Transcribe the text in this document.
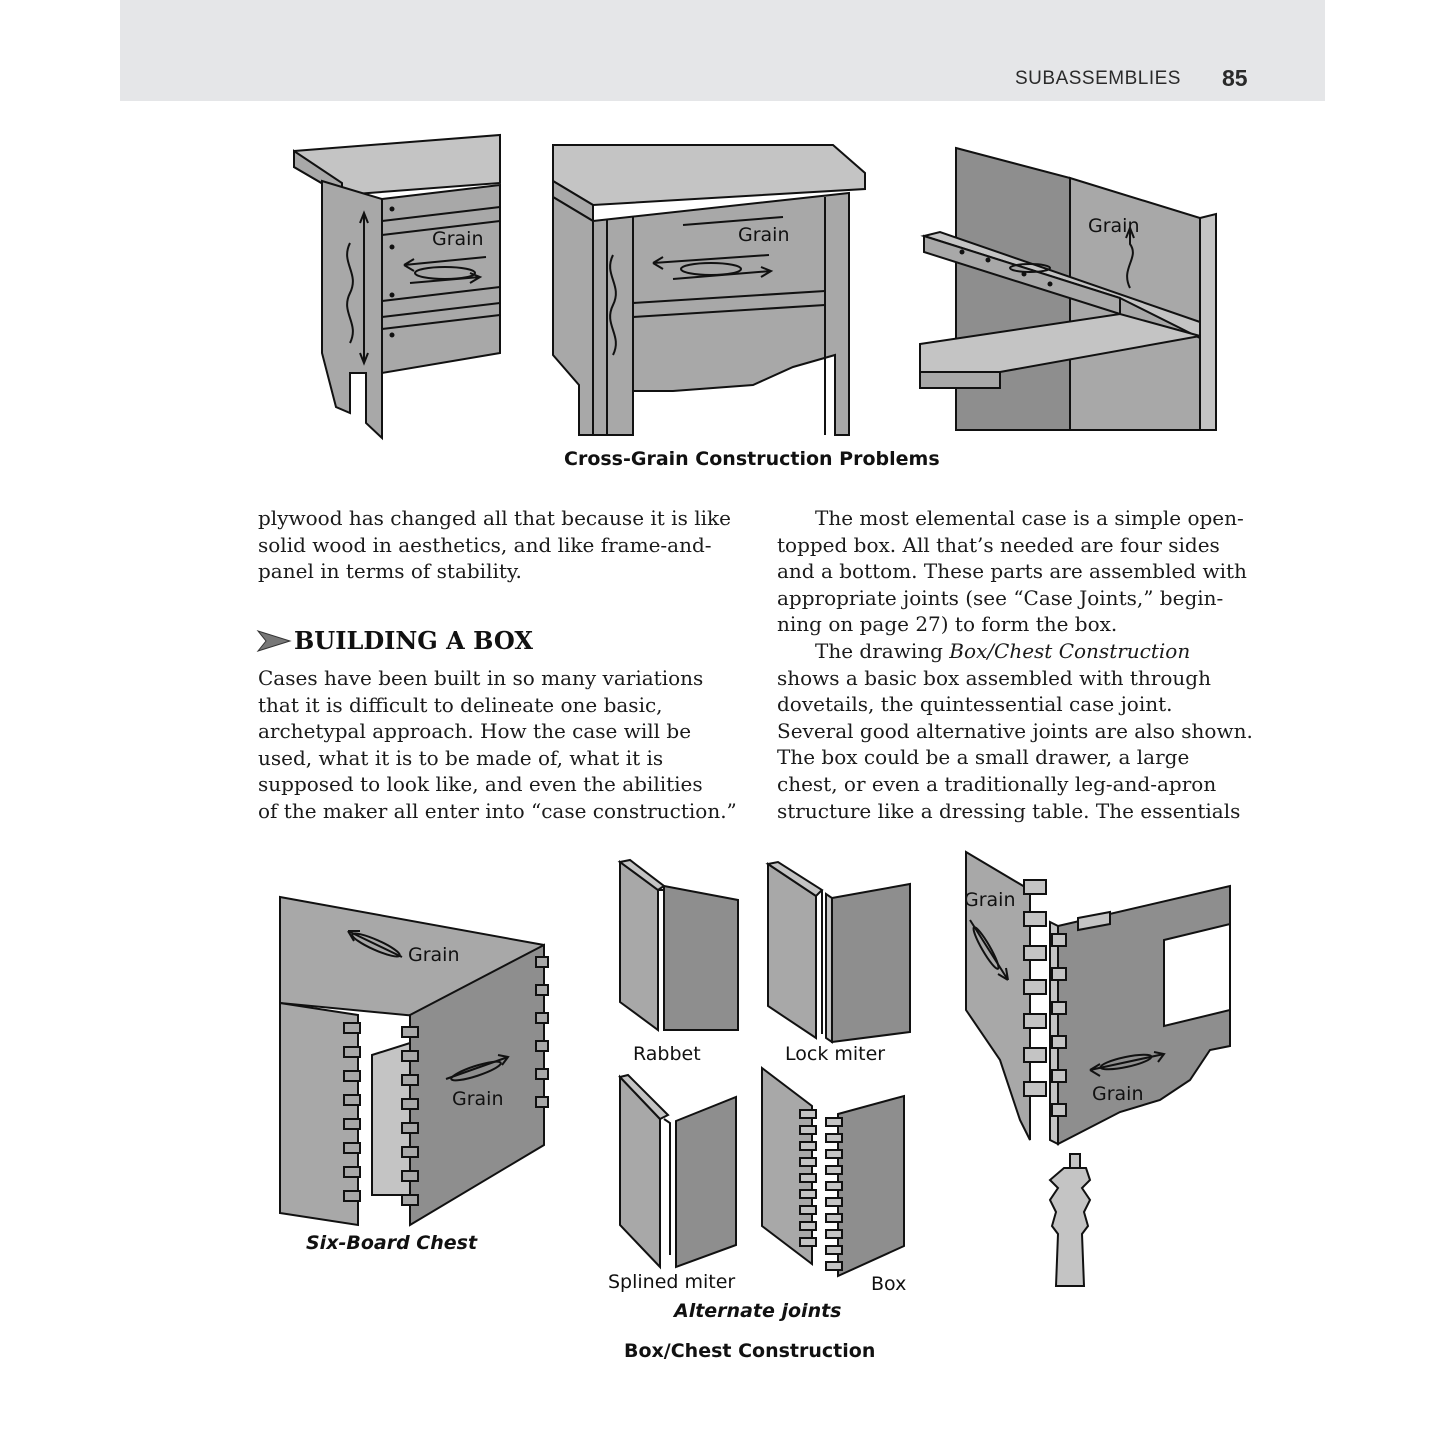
SUBASSEMBLIES 85
Grain	Grain	Grain
Cross-Grain Construction Problems
plywood has changed all that because it is like
solid wood in aesthetics, and like frame-and-
panel in terms of stability.
BUILDING A BOX
Cases have been built in so many variations
that it is difficult to delineate one basic,
archetypal approach. How the case will be
used, what it is to be made of, what it is
supposed to look like, and even the abilities
of the maker all enter into “case construction.”
The most elemental case is a simple open-
topped box. All that’s needed are four sides
and a bottom. These parts are assembled with
appropriate joints (see “Case Joints,” begin-
ning on page 27) to form the box.
The drawing Box/Chest Construction
shows a basic box assembled with through
dovetails, the quintessential case joint.
Several good alternative joints are also shown.
The box could be a small drawer, a large
chest, or even a traditionally leg-and-apron
structure like a dressing table. The essentials
Grain
Grain
Six-Board Chest
Rabbet	Lock miter
Splined miter	Box
Alternate joints
Grain
Grain
Box/Chest Construction
